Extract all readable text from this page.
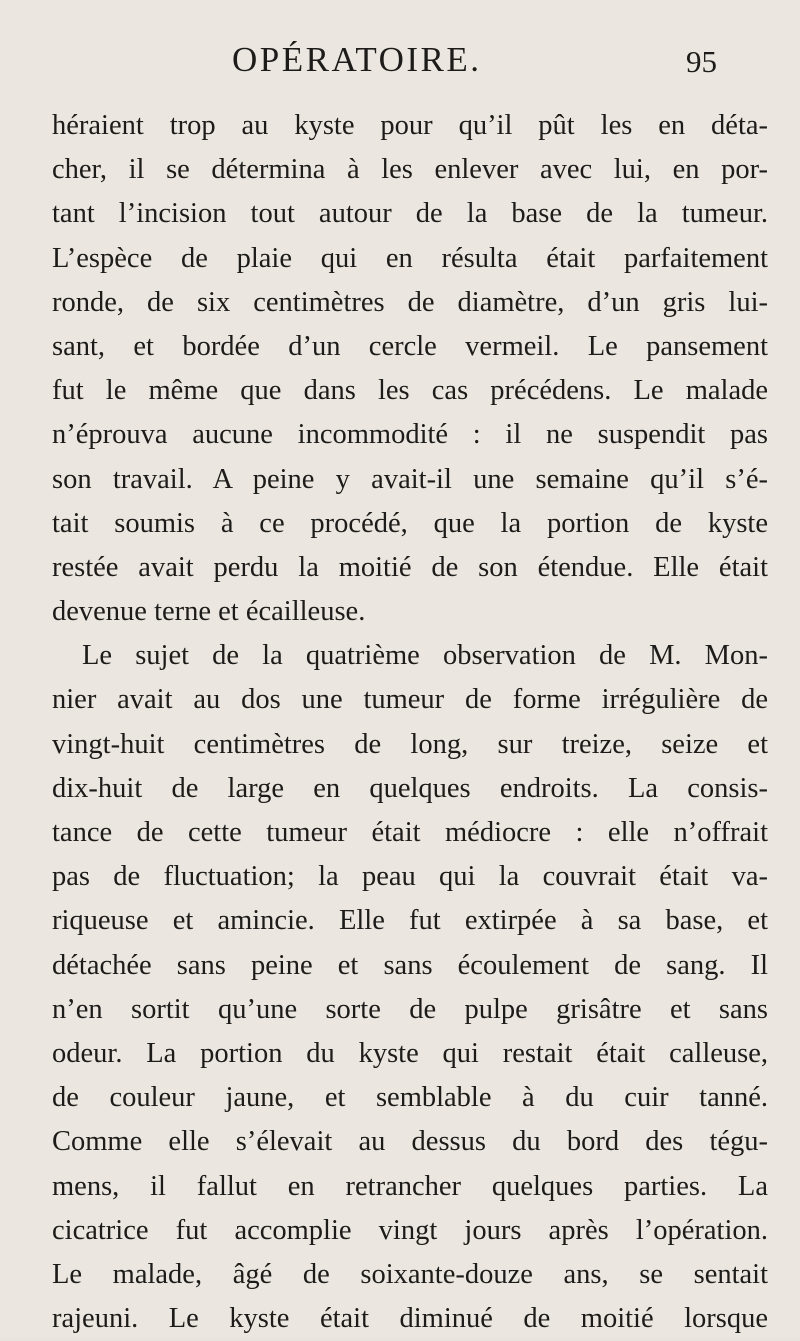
OPÉRATOIRE.	95
héraient trop au kyste pour qu’il pût les en déta-
cher, il se détermina à les enlever avec lui, en por-
tant l’incision tout autour de la base de la tumeur.
L’espèce de plaie qui en résulta était parfaitement
ronde, de six centimètres de diamètre, d’un gris lui-
sant, et bordée d’un cercle vermeil. Le pansement
fut le même que dans les cas précédens. Le malade
n’éprouva aucune incommodité : il ne suspendit pas
son travail. A peine y avait-il une semaine qu’il s’é-
tait soumis à ce procédé, que la portion de kyste
restée avait perdu la moitié de son étendue. Elle était
devenue terne et écailleuse.
Le sujet de la quatrième observation de M. Mon-
nier avait au dos une tumeur de forme irrégulière de
vingt-huit centimètres de long, sur treize, seize et
dix-huit de large en quelques endroits. La consis-
tance de cette tumeur était médiocre : elle n’offrait
pas de fluctuation; la peau qui la couvrait était va-
riqueuse et amincie. Elle fut extirpée à sa base, et
détachée sans peine et sans écoulement de sang. Il
n’en sortit qu’une sorte de pulpe grisâtre et sans
odeur. La portion du kyste qui restait était calleuse,
de couleur jaune, et semblable à du cuir tanné.
Comme elle s’élevait au dessus du bord des tégu-
mens, il fallut en retrancher quelques parties. La
cicatrice fut accomplie vingt jours après l’opération.
Le malade, âgé de soixante-douze ans, se sentait
rajeuni. Le kyste était diminué de moitié lorsque
